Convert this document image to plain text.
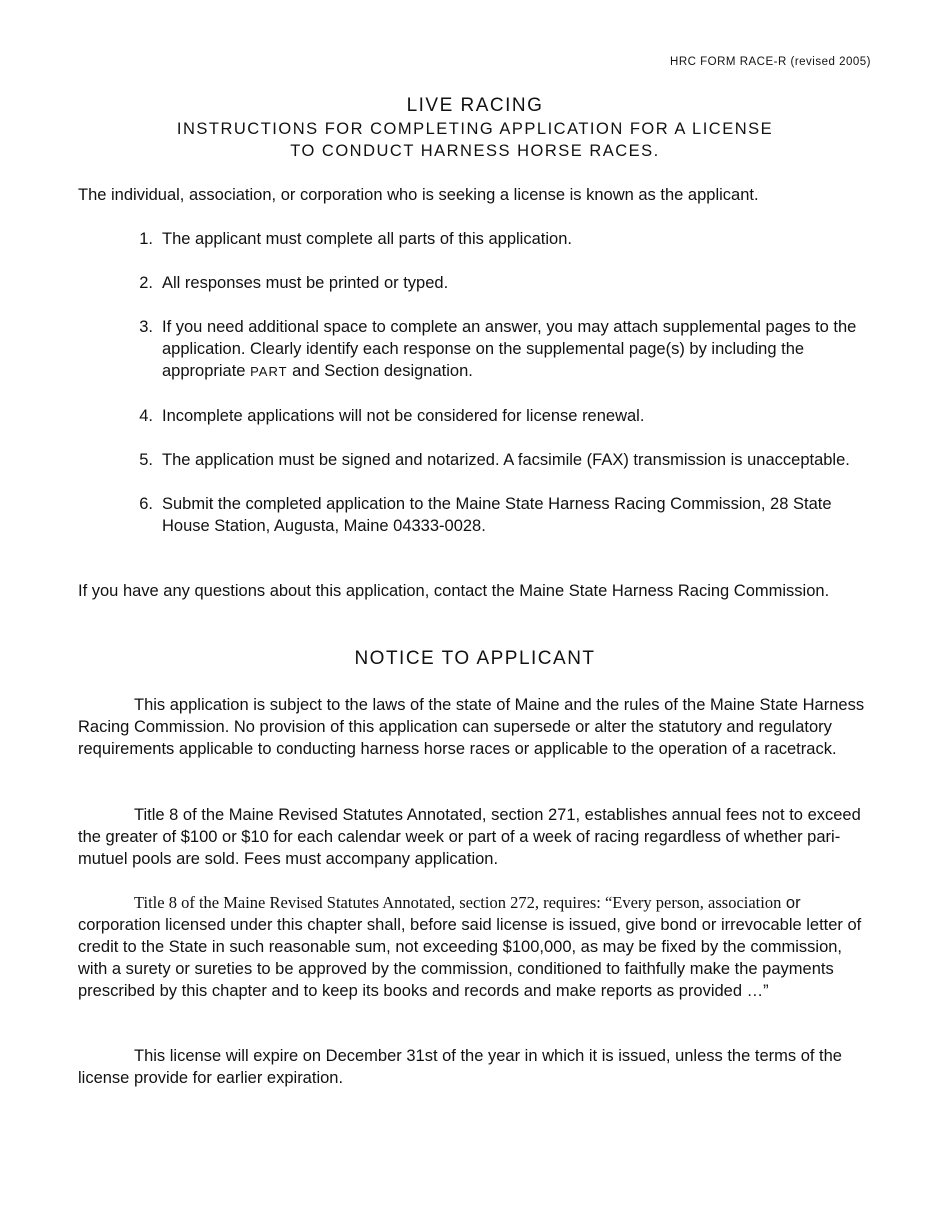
HRC FORM RACE-R (revised 2005)
LIVE RACING
INSTRUCTIONS FOR COMPLETING APPLICATION FOR A LICENSE
TO CONDUCT HARNESS HORSE RACES.
The individual, association, or corporation who is seeking a license is known as the applicant.
1. The applicant must complete all parts of this application.
2. All responses must be printed or typed.
3. If you need additional space to complete an answer, you may attach supplemental pages to the application. Clearly identify each response on the supplemental page(s) by including the appropriate PART and Section designation.
4. Incomplete applications will not be considered for license renewal.
5. The application must be signed and notarized. A facsimile (FAX) transmission is unacceptable.
6. Submit the completed application to the Maine State Harness Racing Commission, 28 State House Station, Augusta, Maine 04333-0028.
If you have any questions about this application, contact the Maine State Harness Racing Commission.
NOTICE TO APPLICANT

This application is subject to the laws of the state of Maine and the rules of the Maine State Harness Racing Commission. No provision of this application can supersede or alter the statutory and regulatory requirements applicable to conducting harness horse races or applicable to the operation of a racetrack.

Title 8 of the Maine Revised Statutes Annotated, section 271, establishes annual fees not to exceed the greater of $100 or $10 for each calendar week or part of a week of racing regardless of whether pari-mutuel pools are sold. Fees must accompany application.

Title 8 of the Maine Revised Statutes Annotated, section 272, requires: “Every person, association or corporation licensed under this chapter shall, before said license is issued, give bond or irrevocable letter of credit to the State in such reasonable sum, not exceeding $100,000, as may be fixed by the commission, with a surety or sureties to be approved by the commission, conditioned to faithfully make the payments prescribed by this chapter and to keep its books and records and make reports as provided …”

This license will expire on December 31st of the year in which it is issued, unless the terms of the license provide for earlier expiration.
